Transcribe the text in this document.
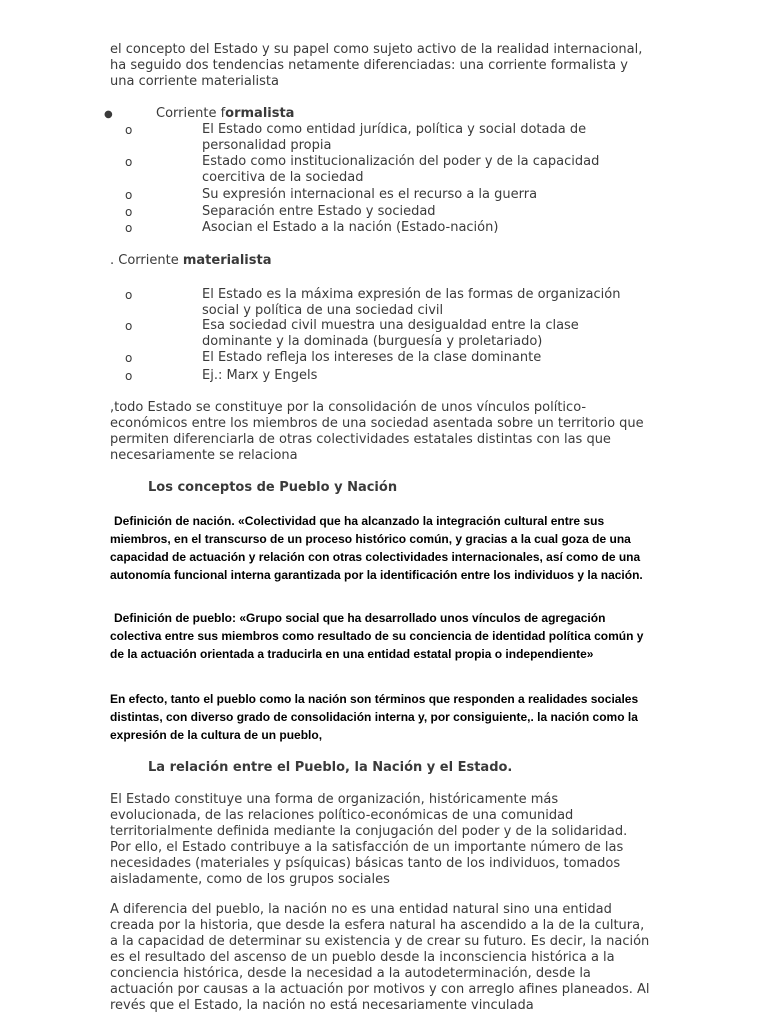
el concepto del Estado y su papel como sujeto activo de la realidad internacional, ha seguido dos tendencias netamente diferenciadas: una corriente formalista y una corriente materialista

●	Corriente formalista
o	El Estado como entidad jurídica, política y social dotada de personalidad propia

o	Estado como institucionalización del poder y de la capacidad coercitiva de la sociedad

o	Su expresión internacional es el recurso a la guerra

o	Separación entre Estado y sociedad

o	Asocian el Estado a la nación (Estado-nación)

. Corriente materialista
o	El Estado es la máxima expresión de las formas de organización social y política de una sociedad civil

o	Esa sociedad civil muestra una desigualdad entre la clase dominante y la dominada (burguesía y proletariado)

o	El Estado refleja los intereses de la clase dominante

o	Ej.: Marx y Engels

,todo Estado se constituye por la consolidación de unos vínculos político-económicos entre los miembros de una sociedad asentada sobre un territorio que permiten diferenciarla de otras colectividades estatales distintas con las que necesariamente se relaciona

Los conceptos de Pueblo y Nación

Definición de nación. «Colectividad que ha alcanzado la integración cultural entre sus miembros, en el transcurso de un proceso histórico común, y gracias a la cual goza de una capacidad de actuación y relación con otras colectividades internacionales, así como de una autonomía funcional interna garantizada por la identificación entre los individuos y la nación.

Definición de pueblo: «Grupo social que ha desarrollado unos vínculos de agregación colectiva entre sus miembros como resultado de su conciencia de identidad política común y de la actuación orientada a traducirla en una entidad estatal propia o independiente»

En efecto, tanto el pueblo como la nación son términos que responden a realidades sociales distintas, con diverso grado de consolidación interna y, por consiguiente,. la nación como la expresión de la cultura de un pueblo,

La relación entre el Pueblo, la Nación y el Estado.

El Estado constituye una forma de organización, históricamente más evolucionada, de las relaciones político-económicas de una comunidad territorialmente definida mediante la conjugación del poder y de la solidaridad. Por ello, el Estado contribuye a la satisfacción de un importante número de las necesidades (materiales y psíquicas) básicas tanto de los individuos, tomados aisladamente, como de los grupos sociales

A diferencia del pueblo, la nación no es una entidad natural sino una entidad creada por la historia, que desde la esfera natural ha ascendido a la de la cultura, a la capacidad de determinar su existencia y de crear su futuro. Es decir, la nación es el resultado del ascenso de un pueblo desde la inconsciencia histórica a la conciencia histórica, desde la necesidad a la autodeterminación, desde la actuación por causas a la actuación por motivos y con arreglo afines planeados. Al revés que el Estado, la nación no está necesariamente vinculada
